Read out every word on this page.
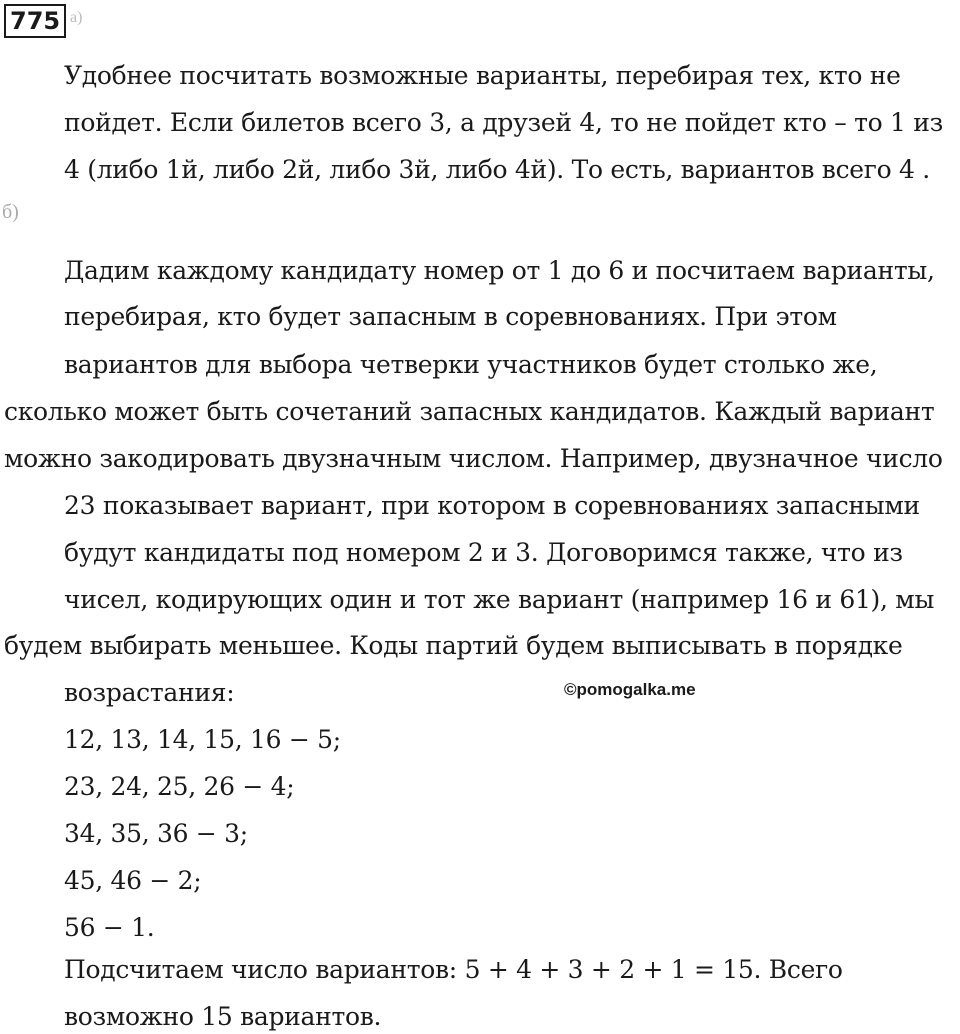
775 а)
Удобнее посчитать возможные варианты, перебирая тех, кто не
пойдет. Если билетов всего 3, а друзей 4, то не пойдет кто – то 1 из
4 (либо 1й, либо 2й, либо 3й, либо 4й). То есть, вариантов всего 4 .
б)
Дадим каждому кандидату номер от 1 до 6 и посчитаем варианты,
перебирая, кто будет запасным в соревнованиях. При этом
вариантов для выбора четверки участников будет столько же,
сколько может быть сочетаний запасных кандидатов. Каждый вариант
можно закодировать двузначным числом. Например, двузначное число
23 показывает вариант, при котором в соревнованиях запасными
будут кандидаты под номером 2 и 3. Договоримся также, что из
чисел, кодирующих один и тот же вариант (например 16 и 61), мы
будем выбирать меньшее. Коды партий будем выписывать в порядке
возрастания:	©pomogalka.me
12, 13, 14, 15, 16 − 5;
23, 24, 25, 26 − 4;
34, 35, 36 − 3;
45, 46 − 2;
56 − 1.
Подсчитаем число вариантов: 5 + 4 + 3 + 2 + 1 = 15. Всего
возможно 15 вариантов.
